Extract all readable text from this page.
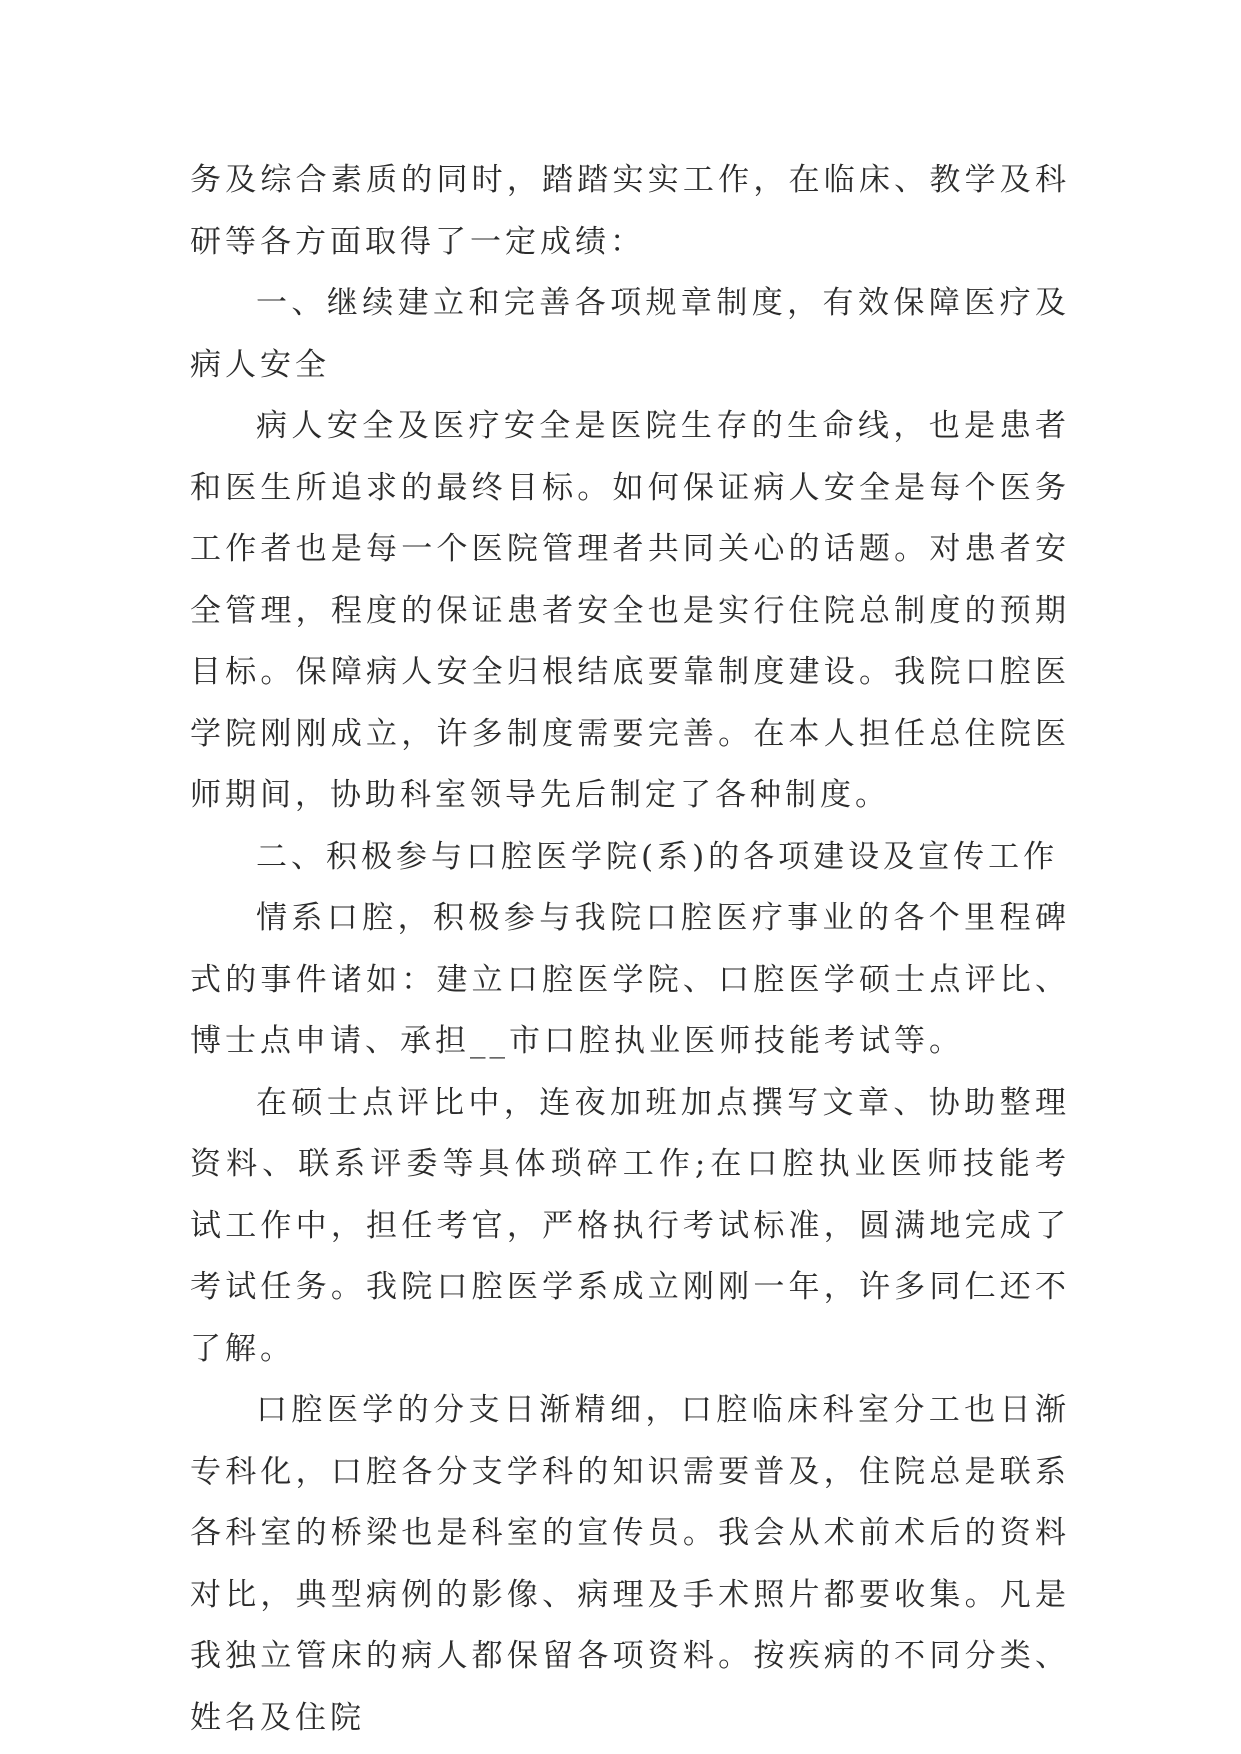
务及综合素质的同时，踏踏实实工作，在临床、教学及科研等各方面取得了一定成绩：

一、继续建立和完善各项规章制度，有效保障医疗及病人安全

病人安全及医疗安全是医院生存的生命线，也是患者和医生所追求的最终目标。如何保证病人安全是每个医务工作者也是每一个医院管理者共同关心的话题。对患者安全管理，程度的保证患者安全也是实行住院总制度的预期目标。保障病人安全归根结底要靠制度建设。我院口腔医学院刚刚成立，许多制度需要完善。在本人担任总住院医师期间，协助科室领导先后制定了各种制度。

二、积极参与口腔医学院(系)的各项建设及宣传工作

情系口腔，积极参与我院口腔医疗事业的各个里程碑式的事件诸如：建立口腔医学院、口腔医学硕士点评比、博士点申请、承担__市口腔执业医师技能考试等。

在硕士点评比中，连夜加班加点撰写文章、协助整理资料、联系评委等具体琐碎工作;在口腔执业医师技能考试工作中，担任考官，严格执行考试标准，圆满地完成了考试任务。我院口腔医学系成立刚刚一年，许多同仁还不了解。

口腔医学的分支日渐精细，口腔临床科室分工也日渐专科化，口腔各分支学科的知识需要普及，住院总是联系各科室的桥梁也是科室的宣传员。我会从术前术后的资料对比，典型病例的影像、病理及手术照片都要收集。凡是我独立管床的病人都保留各项资料。按疾病的不同分类、姓名及住院
